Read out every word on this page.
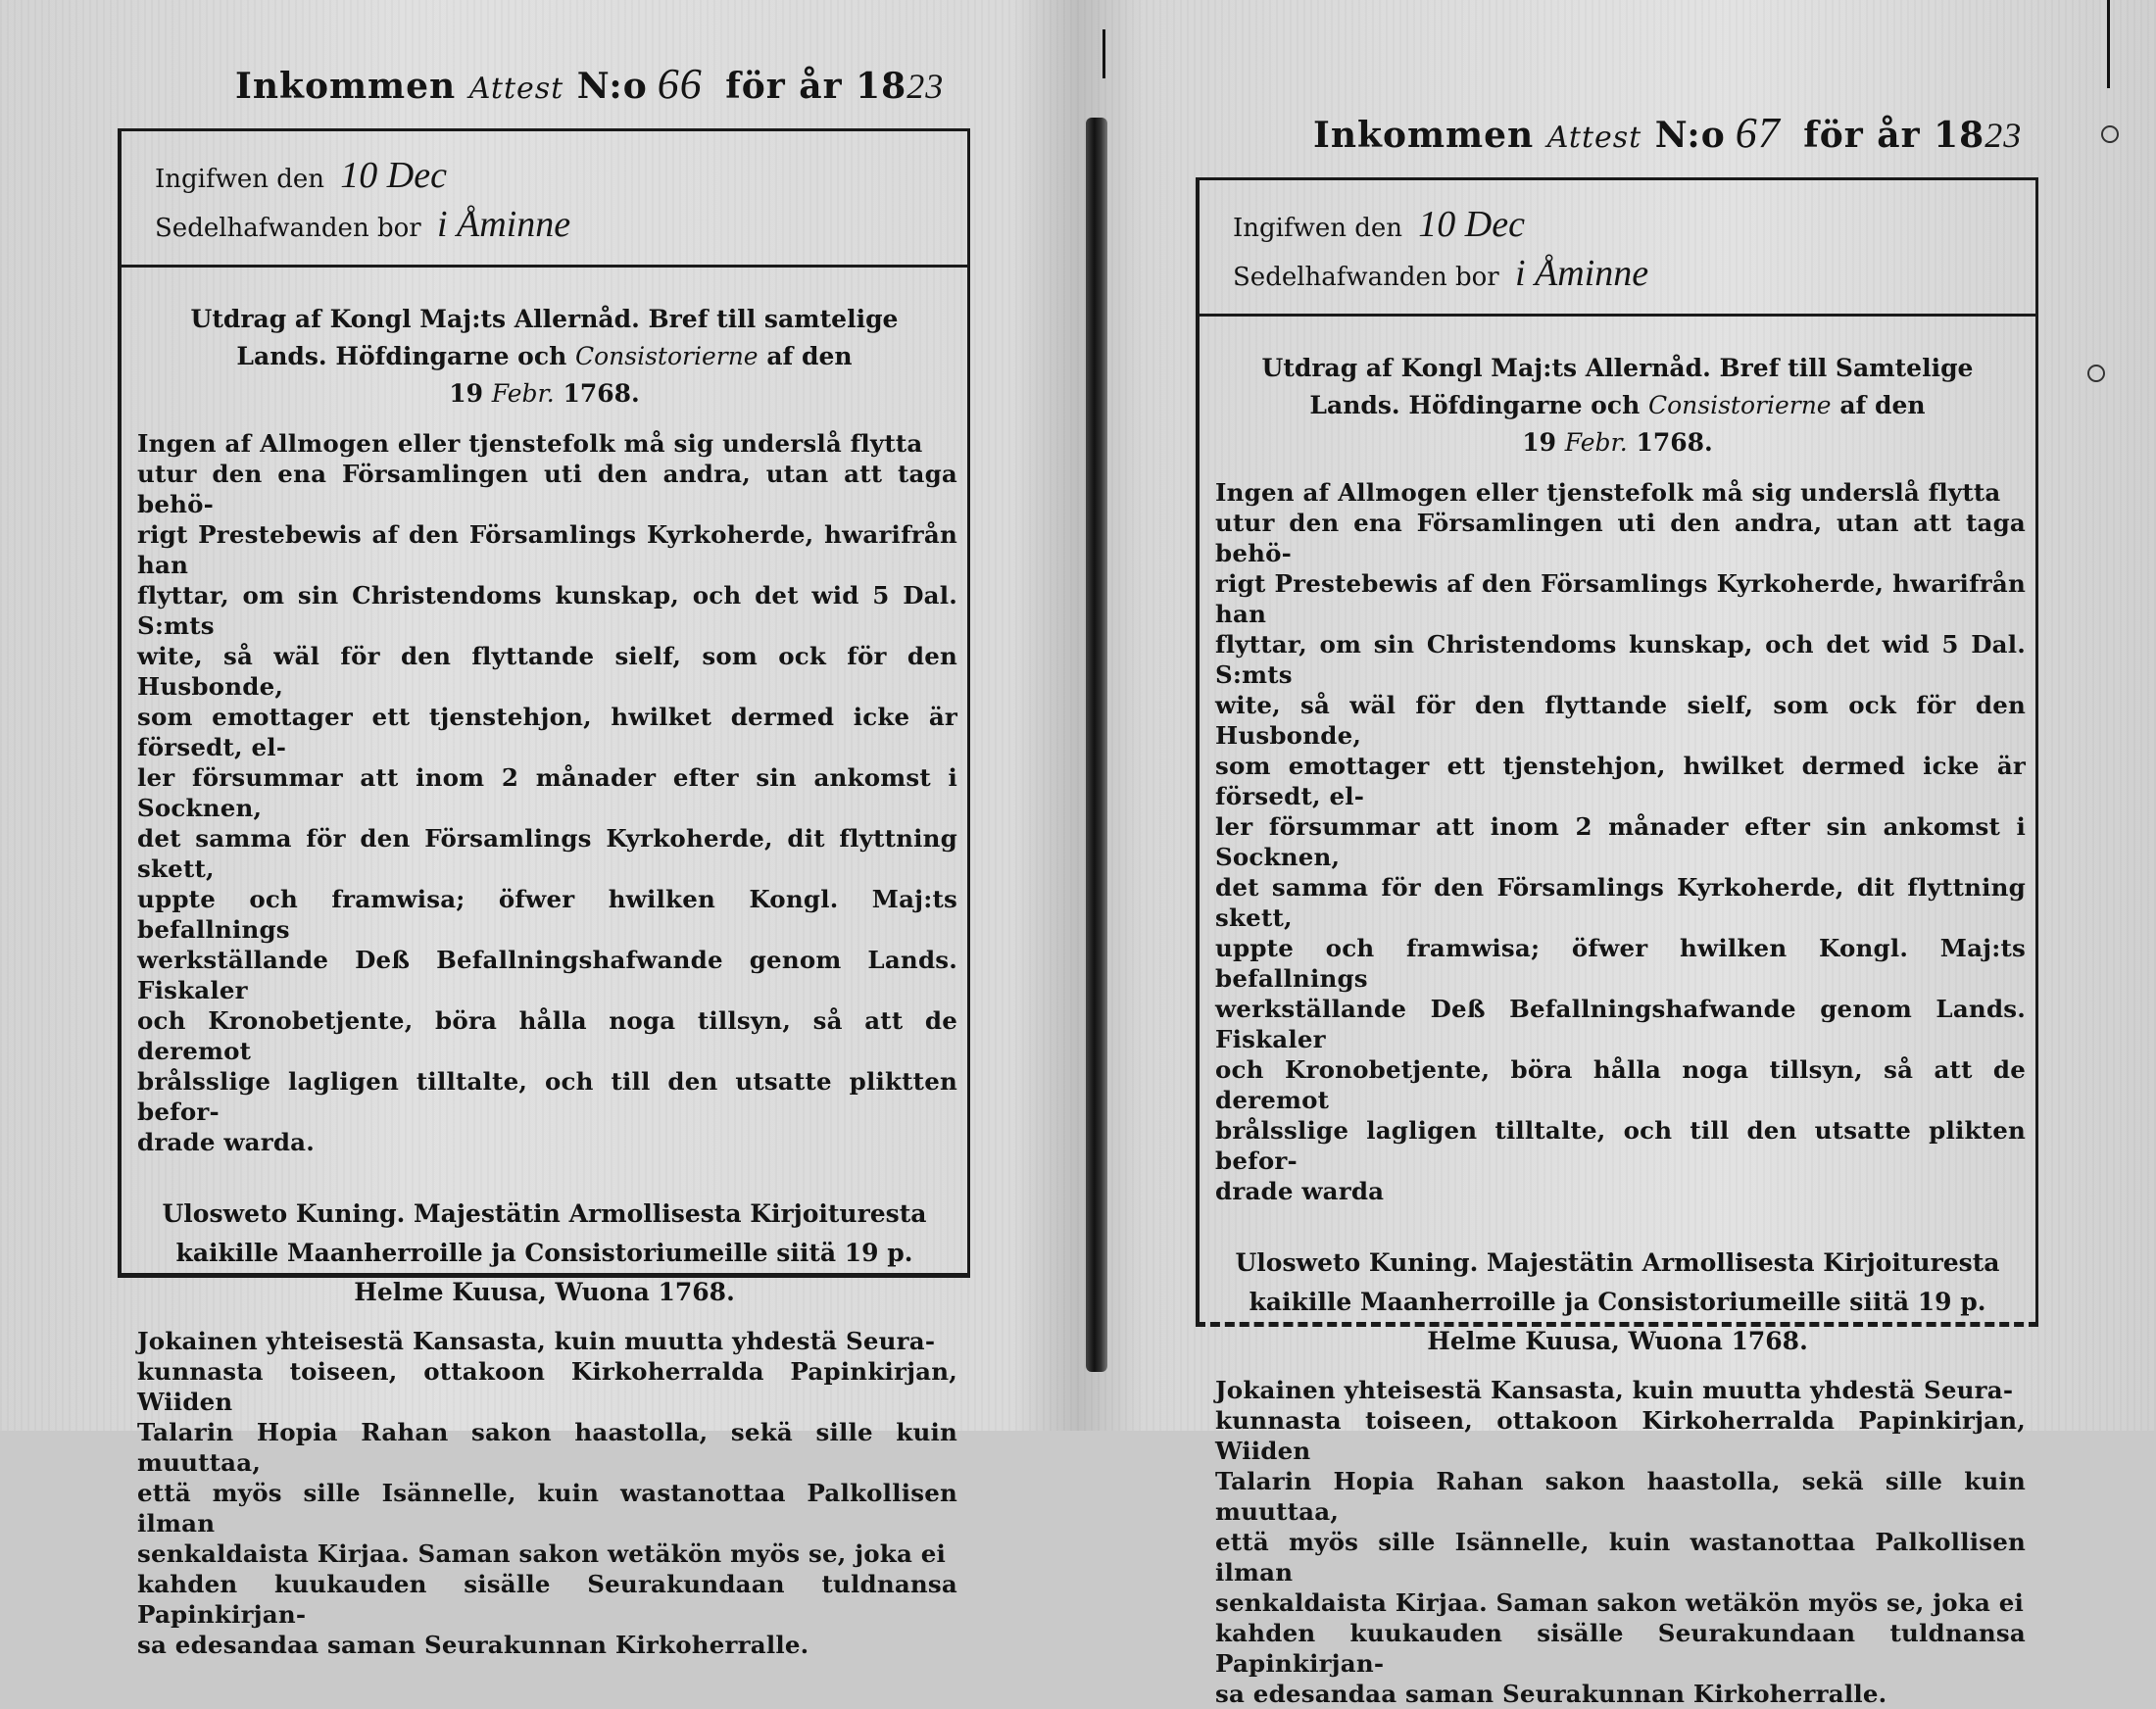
Inkommen Attest N:o 66 för år 1823
Ingifwen den 10 Dec
Sedelhafwanden bor i Åminne
Utdrag af Kongl Maj:ts Allernåd. Bref till samtelige
Lands. Höfdingarne och Consistorierne af den
19 Febr. 1768.
Ingen af Allmogen eller tjenstefolk må sig underslå flytta
utur den ena Församlingen uti den andra, utan att taga behö-
rigt Prestebewis af den Församlings Kyrkoherde, hwarifrån han
flyttar, om sin Christendoms kunskap, och det wid 5 Dal. S:mts
wite, så wäl för den flyttande sielf, som ock för den Husbonde,
som emottager ett tjenstehjon, hwilket dermed icke är försedt, el-
ler försummar att inom 2 månader efter sin ankomst i Socknen,
det samma för den Församlings Kyrkoherde, dit flyttning skett,
uppte och framwisa; öfwer hwilken Kongl. Maj:ts befallnings
werkställande Deß Befallningshafwande genom Lands. Fiskaler
och Kronobetjente, böra hålla noga tillsyn, så att de deremot
brålsslige lagligen tilltalte, och till den utsatte pliktten befor-
drade warda.
Ulosweto Kuning. Majestätin Armollisesta Kirjoituresta
kaikille Maanherroille ja Consistoriumeille siitä 19 p.
Helme Kuusa, Wuona 1768.
Jokainen yhteisestä Kansasta, kuin muutta yhdestä Seura-
kunnasta toiseen, ottakoon Kirkoherralda Papinkirjan, Wiiden
Talarin Hopia Rahan sakon haastolla, sekä sille kuin muuttaa,
että myös sille Isännelle, kuin wastanottaa Palkollisen ilman
senkaldaista Kirjaa. Saman sakon wetäkön myös se, joka ei
kahden kuukauden sisälle Seurakundaan tuldnansa Papinkirjan-
sa edesandaa saman Seurakunnan Kirkoherralle.
Inkommen Attest N:o 67 för år 1823
Ingifwen den 10 Dec
Sedelhafwanden bor i Åminne
Utdrag af Kongl Maj:ts Allernåd. Bref till Samtelige
Lands. Höfdingarne och Consistorierne af den
19 Febr. 1768.
Ingen af Allmogen eller tjenstefolk må sig underslå flytta
utur den ena Församlingen uti den andra, utan att taga behö-
rigt Prestebewis af den Församlings Kyrkoherde, hwarifrån han
flyttar, om sin Christendoms kunskap, och det wid 5 Dal. S:mts
wite, så wäl för den flyttande sielf, som ock för den Husbonde,
som emottager ett tjenstehjon, hwilket dermed icke är försedt, el-
ler försummar att inom 2 månader efter sin ankomst i Socknen,
det samma för den Församlings Kyrkoherde, dit flyttning skett,
uppte och framwisa; öfwer hwilken Kongl. Maj:ts befallnings
werkställande Deß Befallningshafwande genom Lands. Fiskaler
och Kronobetjente, böra hålla noga tillsyn, så att de deremot
brålsslige lagligen tilltalte, och till den utsatte plikten befor-
drade warda
Ulosweto Kuning. Majestätin Armollisesta Kirjoituresta
kaikille Maanherroille ja Consistoriumeille siitä 19 p.
Helme Kuusa, Wuona 1768.
Jokainen yhteisestä Kansasta, kuin muutta yhdestä Seura-
kunnasta toiseen, ottakoon Kirkoherralda Papinkirjan, Wiiden
Talarin Hopia Rahan sakon haastolla, sekä sille kuin muuttaa,
että myös sille Isännelle, kuin wastanottaa Palkollisen ilman
senkaldaista Kirjaa. Saman sakon wetäkön myös se, joka ei
kahden kuukauden sisälle Seurakundaan tuldnansa Papinkirjan-
sa edesandaa saman Seurakunnan Kirkoherralle.
